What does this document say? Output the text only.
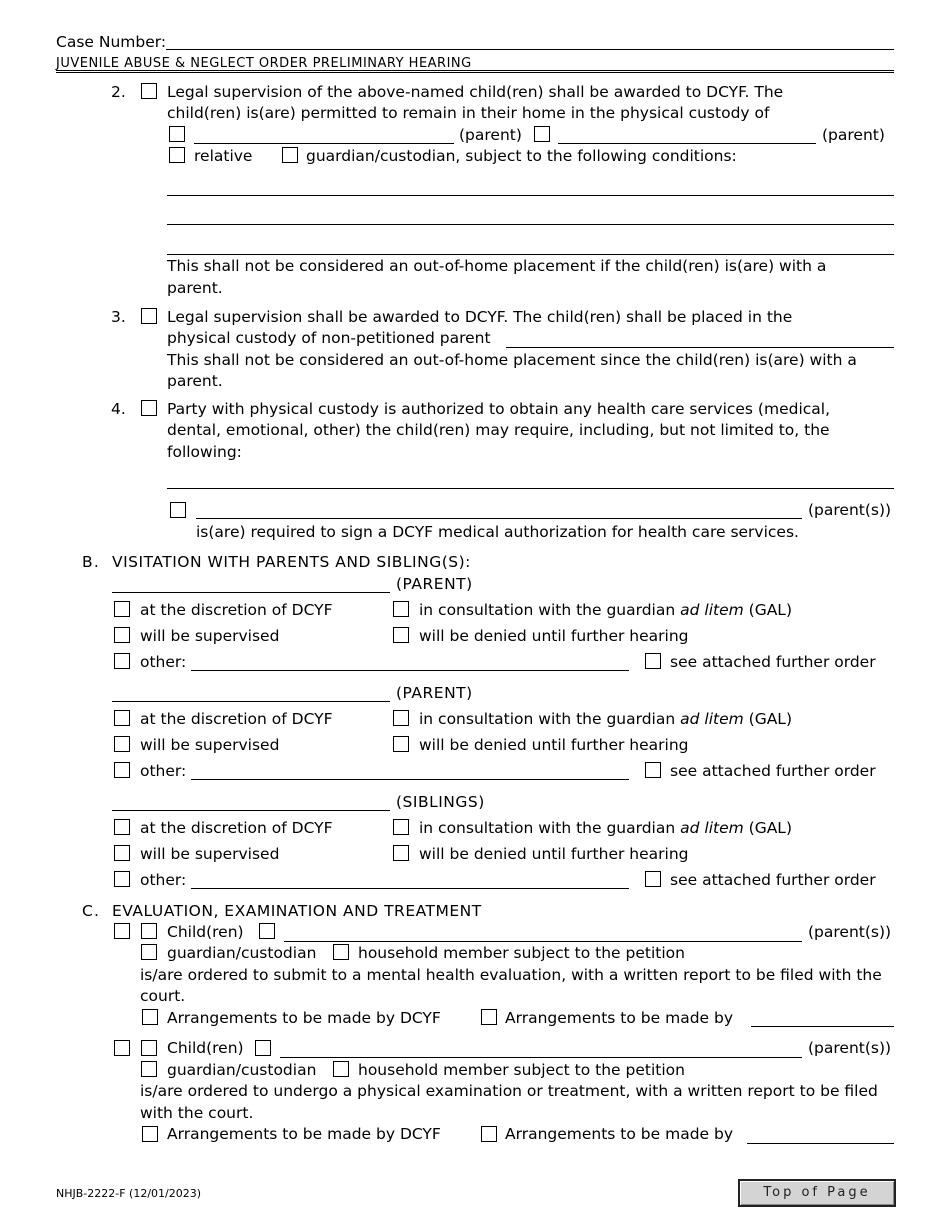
Case Number:
JUVENILE ABUSE & NEGLECT ORDER PRELIMINARY HEARING
2.	Legal supervision of the above-named child(ren) shall be awarded to DCYF. The
child(ren) is(are) permitted to remain in their home in the physical custody of
(parent)	(parent)
relative	guardian/custodian, subject to the following conditions:
This shall not be considered an out-of-home placement if the child(ren) is(are) with a
parent.
3.	Legal supervision shall be awarded to DCYF. The child(ren) shall be placed in the
physical custody of non-petitioned parent
This shall not be considered an out-of-home placement since the child(ren) is(are) with a
parent.
4.	Party with physical custody is authorized to obtain any health care services (medical,
dental, emotional, other) the child(ren) may require, including, but not limited to, the
following:
(parent(s))
is(are) required to sign a DCYF medical authorization for health care services.
B. VISITATION WITH PARENTS AND SIBLING(S):
(PARENT)
at the discretion of DCYF	in consultation with the guardian ad litem (GAL)
will be supervised	will be denied until further hearing
other:	see attached further order
(PARENT)
at the discretion of DCYF	in consultation with the guardian ad litem (GAL)
will be supervised	will be denied until further hearing
other:	see attached further order
(SIBLINGS)
at the discretion of DCYF	in consultation with the guardian ad litem (GAL)
will be supervised	will be denied until further hearing
other:	see attached further order
C. EVALUATION, EXAMINATION AND TREATMENT
Child(ren)	(parent(s))
guardian/custodian	household member subject to the petition
is/are ordered to submit to a mental health evaluation, with a written report to be filed with the
court.
Arrangements to be made by DCYF	Arrangements to be made by
Child(ren)	(parent(s))
guardian/custodian	household member subject to the petition
is/are ordered to undergo a physical examination or treatment, with a written report to be filed
with the court.
Arrangements to be made by DCYF	Arrangements to be made by
NHJB-2222-F (12/01/2023)	Top of Page
